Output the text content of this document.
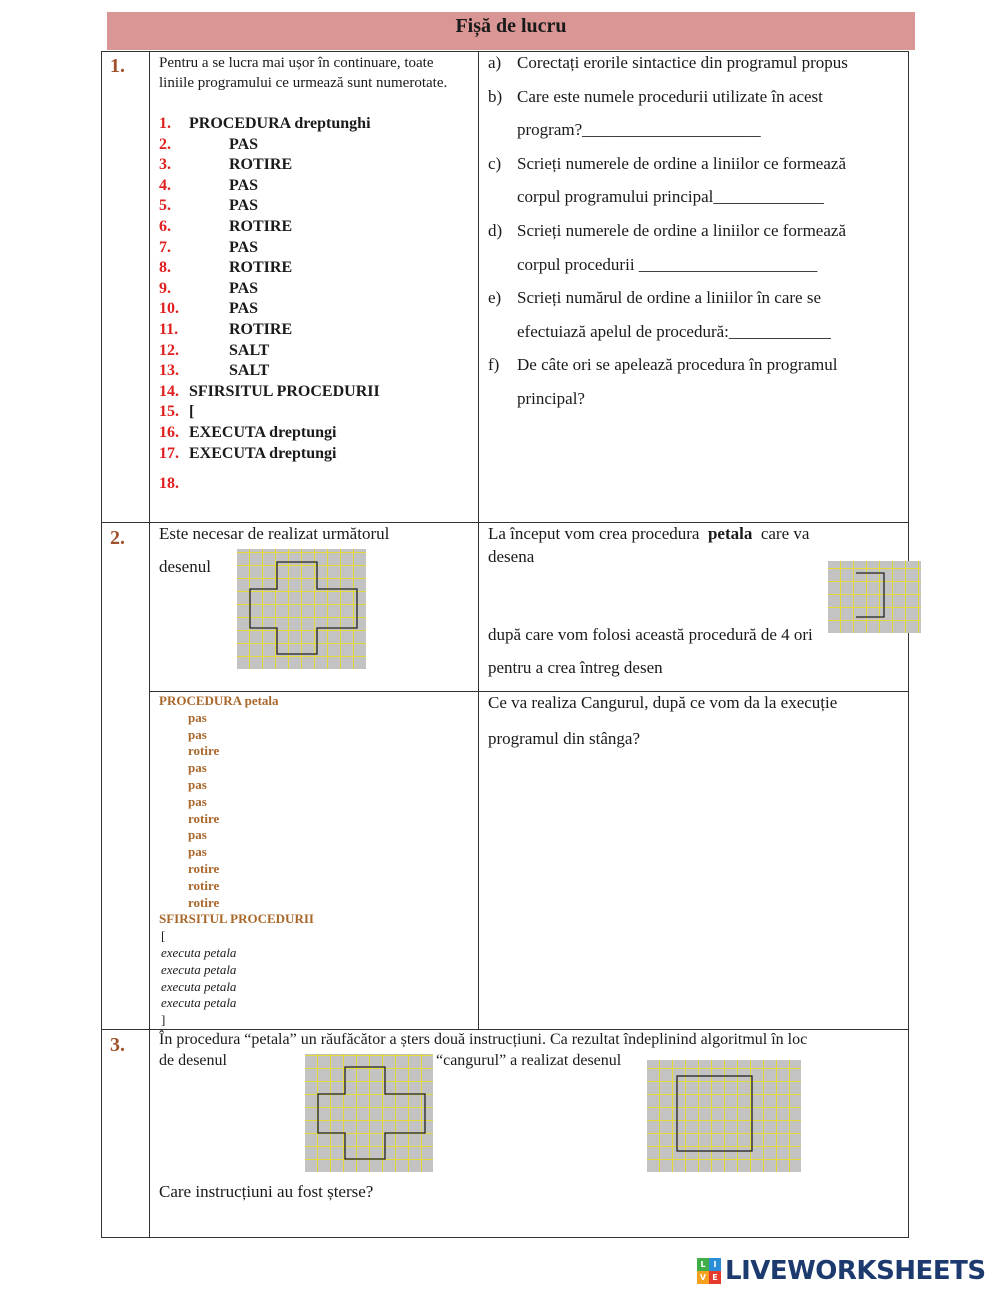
Fișă de lucru
1. Pentru a se lucra mai ușor în continuare, toate liniile programului ce urmează sunt numerotate.
1. PROCEDURA dreptunghi
2.	PAS
3.	ROTIRE
4.	PAS
5.	PAS
6.	ROTIRE
7.	PAS
8.	ROTIRE
9.	PAS
10.	PAS
11.	ROTIRE
12.	SALT
13.	SALT
14. SFIRSITUL PROCEDURII
15. [
16. EXECUTA dreptungi
17. EXECUTA dreptungi
18.
a) Corectați erorile sintactice din programul propus
b) Care este numele procedurii utilizate în acest
program?_____________________
c) Scrieți numerele de ordine a liniilor ce formează
corpul programului principal_____________
d) Scrieți numerele de ordine a liniilor ce formează
corpul procedurii _____________________
e) Scrieți numărul de ordine a liniilor în care se
efectuiază apelul de procedură:____________
f) De câte ori se apelează procedura în programul
principal?
2. Este necesar de realizat următorul
desenul
La început vom crea procedura petala care va
desena
după care vom folosi această procedură de 4 ori
pentru a crea întreg desen
PROCEDURA petala
pas
pas
rotire
pas
pas
pas
rotire
pas
pas
rotire
rotire
rotire
SFIRSITUL PROCEDURII
[
executa petala
executa petala
executa petala
executa petala
]
Ce va realiza Cangurul, după ce vom da la execuție
programul din stânga?
3. În procedura “petala” un răufăcător a șters două instrucțiuni. Ca rezultat îndeplinind algoritmul în loc
de desenul	“cangurul” a realizat desenul
Care instrucțiuni au fost șterse?
L I
V E LIVEWORKSHEETS
